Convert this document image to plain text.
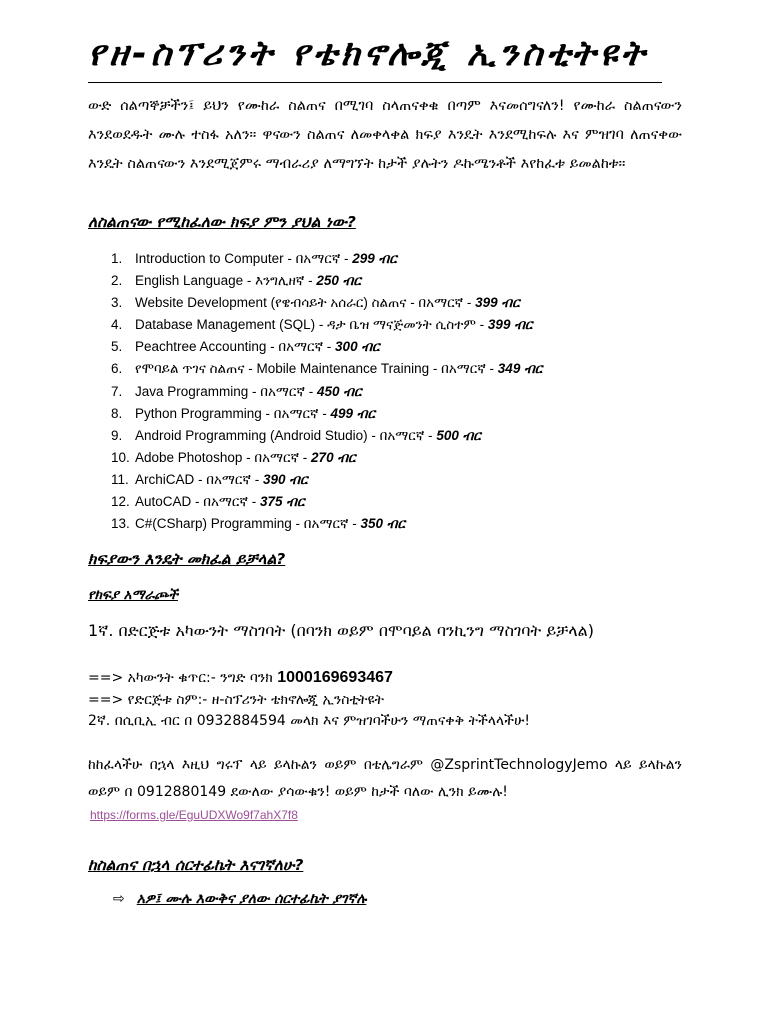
የዘ-ስፕሪንት የቴክኖሎጂ ኢንስቲትዩት
ውድ ሰልጣኞቻችን፤ ይህን የሙከራ ስልጠና በሚገባ ስላጠናቀቁ በጣም እናመሰግናለን! የሙከራ ስልጠናውን እንደወደዱት ሙሉ ተስፋ አለን። ዋናውን ስልጠና ለመቀላቀል ክፍያ እንዴት እንደሚከፍሉ እና ምዝገባ ለጠናቀው እንዴት ስልጠናውን እንደሚጀምሩ ማብራሪያ ለማግኘት ከታች ያሉትን ዶኩሜንቶች እየከፈቱ ይመልከቱ።
ለስልጠናው የሚከፈለው ክፍያ ምን ያህል ነው?
1. Introduction to Computer - በአማርኛ - 299 ብር
2. English Language - እንግሊዘኛ - 250 ብር
3. Website Development (የዌብሳይት አሰራር) ስልጠና - በአማርኛ - 399 ብር
4. Database Management (SQL) - ዳታ ቤዝ ማናጅመንት ሲስተም - 399 ብር
5. Peachtree Accounting - በአማርኛ - 300 ብር
6. የሞባይል ጥገና ስልጠና - Mobile Maintenance Training - በአማርኛ - 349 ብር
7. Java Programming - በአማርኛ - 450 ብር
8. Python Programming - በአማርኛ - 499 ብር
9. Android Programming (Android Studio) - በአማርኛ - 500 ብር
10. Adobe Photoshop - በአማርኛ - 270 ብር
11. ArchiCAD - በአማርኛ - 390 ብር
12. AutoCAD - በአማርኛ - 375 ብር
13. C#(CSharp) Programming - በአማርኛ - 350 ብር
ክፍያውን እንዴት መክፈል ይቻላል?
የክፍያ አማራጮች
1ኛ. በድርጅቱ አካውንት ማስገባት (በባንክ ወይም በሞባይል ባንኪንግ ማስገባት ይቻላል)
==> አካውንት ቁጥር:- ንግድ ባንክ 1000169693467
==> የድርጅቱ ስም:- ዘ-ስፕሪንት ቴክኖሎጂ ኢንስቲትዩት
2ኛ. በሲቢኢ ብር በ 0932884594 መላክ እና ምዝገባችሁን ማጠናቀቅ ትችላላችሁ!
ከከፈላችሁ በኋላ እዚህ ግሩፕ ላይ ይላኩልን ወይም በቴሌግራም @ZsprintTechnologyJemo ላይ ይላኩልን ወይም በ 0912880149 ደውለው ያሳውቁን! ወይም ከታች ባለው ሊንክ ይሙሉ!
https://forms.gle/EguUDXWo9f7ahX7f8
ከስልጠና በኋላ ሰርተፊኬት እናገኛለሁ?
⇨ አዎ፤ ሙሉ እውቅና ያለው ሰርተፊኬት ያገኛሉ
